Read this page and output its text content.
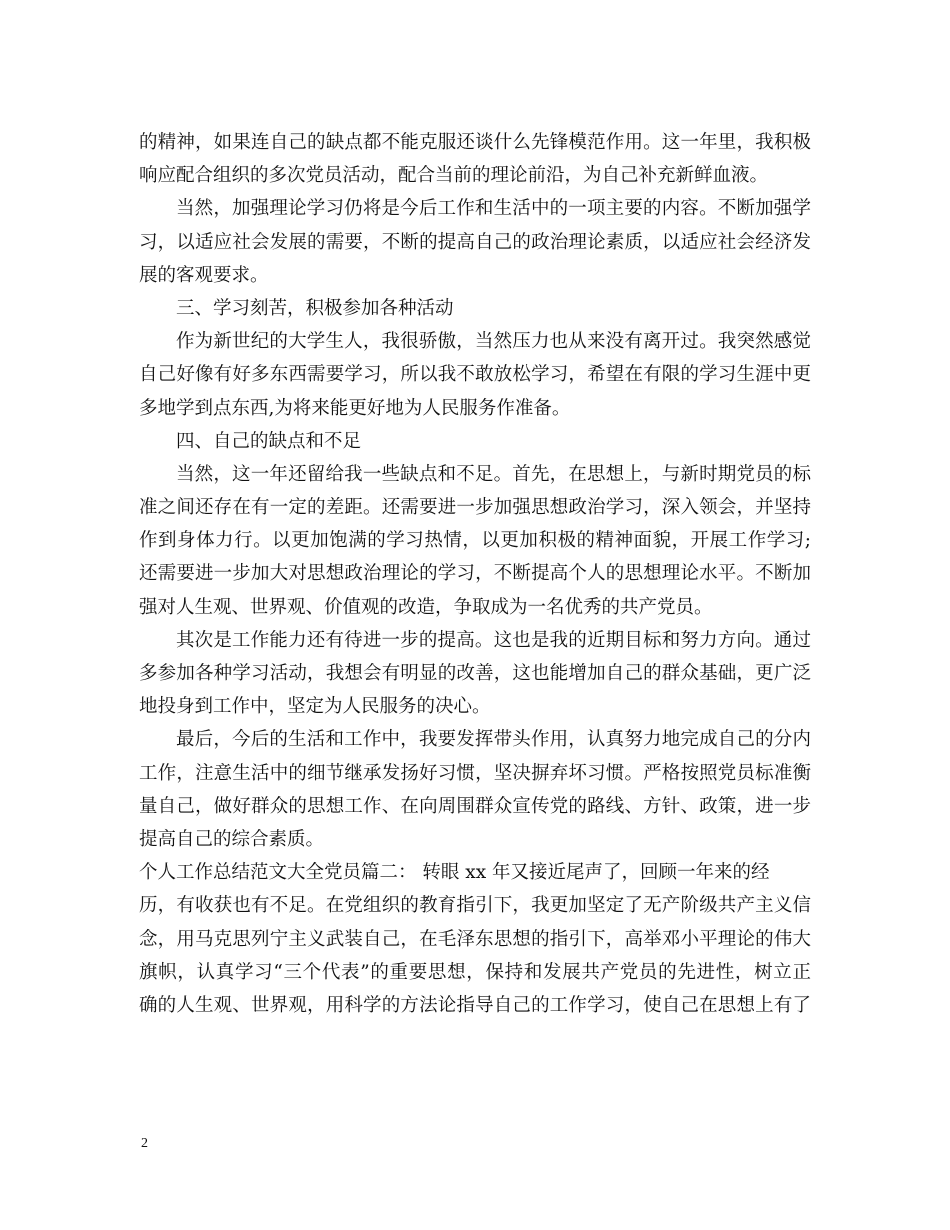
的精神，如果连自己的缺点都不能克服还谈什么先锋模范作用。这一年里，我积极
响应配合组织的多次党员活动，配合当前的理论前沿，为自己补充新鲜血液。
当然，加强理论学习仍将是今后工作和生活中的一项主要的内容。不断加强学
习，以适应社会发展的需要，不断的提高自己的政治理论素质，以适应社会经济发
展的客观要求。
三、学习刻苦，积极参加各种活动
作为新世纪的大学生人，我很骄傲，当然压力也从来没有离开过。我突然感觉
自己好像有好多东西需要学习，所以我不敢放松学习，希望在有限的学习生涯中更
多地学到点东西,为将来能更好地为人民服务作准备。
四、自己的缺点和不足
当然，这一年还留给我一些缺点和不足。首先，在思想上，与新时期党员的标
准之间还存在有一定的差距。还需要进一步加强思想政治学习，深入领会，并坚持
作到身体力行。以更加饱满的学习热情，以更加积极的精神面貌，开展工作学习;
还需要进一步加大对思想政治理论的学习，不断提高个人的思想理论水平。不断加
强对人生观、世界观、价值观的改造，争取成为一名优秀的共产党员。
其次是工作能力还有待进一步的提高。这也是我的近期目标和努力方向。通过
多参加各种学习活动，我想会有明显的改善，这也能增加自己的群众基础，更广泛
地投身到工作中，坚定为人民服务的决心。
最后，今后的生活和工作中，我要发挥带头作用，认真努力地完成自己的分内
工作，注意生活中的细节继承发扬好习惯，坚决摒弃坏习惯。严格按照党员标准衡
量自己，做好群众的思想工作、在向周围群众宣传党的路线、方针、政策，进一步
提高自己的综合素质。
个人工作总结范文大全党员篇二： 转眼 xx 年又接近尾声了，回顾一年来的经
历，有收获也有不足。在党组织的教育指引下，我更加坚定了无产阶级共产主义信
念，用马克思列宁主义武装自己，在毛泽东思想的指引下，高举邓小平理论的伟大
旗帜，认真学习“三个代表”的重要思想，保持和发展共产党员的先进性，树立正
确的人生观、世界观，用科学的方法论指导自己的工作学习，使自己在思想上有了
2
